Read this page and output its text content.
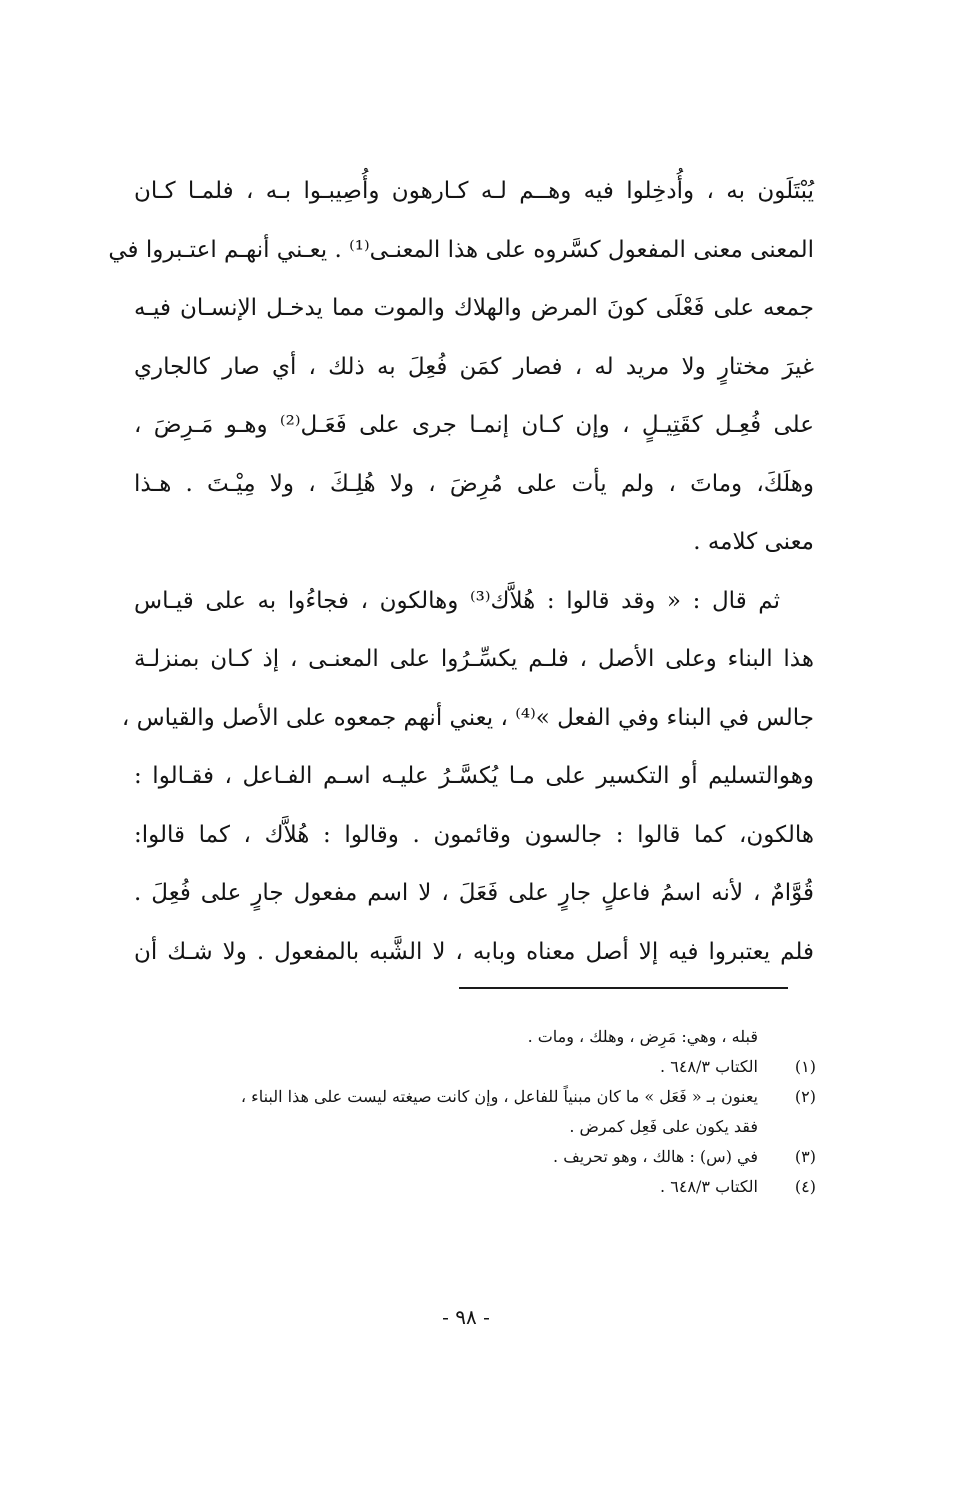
يُبْتَلَون به ، وأُدخِلوا فيه وهــم لـه كـارهون وأُصِيبـوا بـه ، فلمـا كـان
المعنى معنى المفعول كسَّروه على هذا المعنـى⁽¹⁾ . يعـني أنهـم اعتـبروا في
جمعه على فَعْلَى كونَ المرض والهلاك والموت مما يدخـل الإنسـان فيـه
غيرَ مختارٍ ولا مريد له ، فصار كمَن فُعِلَ به ذلك ، أي صار كالجاري
على فُعِـل كقَتِيـلٍ ، وإن كـان إنمـا جرى على فَعَـل⁽²⁾ وهـو مَـرِضَ ،
وهلَكَ، وماتَ ، ولم يأت على مُرِضَ ، ولا هُلِـكَ ، ولا مِيْـتَ . هـذا
معنى كلامه .
ثم قال : « وقد قالوا : هُلاَّك⁽³⁾ وهالكون ، فجاءُوا به على قيـاس
هذا البناء وعلى الأصل ، فلـم يكسِّـرُوا على المعنـى ، إذ كـان بمنزلـة
جالس في البناء وفي الفعل »⁽⁴⁾ ، يعني أنهم جمعوه على الأصل والقياس ،
وهوالتسليم أو التكسير على مـا يُكسَّـرُ عليـه اسـم الفـاعل ، فقـالوا :
هالكون، كما قالوا : جالسون وقائمون . وقالوا : هُلاَّك ، كما قالوا:
قُوَّامٌ ، لأنه اسمُ فاعلٍ جارٍ على فَعَلَ ، لا اسم مفعول جارٍ على فُعِلَ .
فلم يعتبروا فيه إلا أصل معناه وبابه ، لا الشَّبه بالمفعول . ولا شـك أن
قبله ، وهي: مَرِض ، وهلك ، ومات .
(١)
الكتاب ٦٤٨/٣ .
(٢)
يعنون بـ « فَعَل » ما كان مبنياً للفاعل ، وإن كانت صيغته ليست على هذا البناء ،
فقد يكون على فَعِل كمرض .
(٣)
في (س) : هالك ، وهو تحريف .
(٤)
الكتاب ٦٤٨/٣ .
- ٩٨ -
